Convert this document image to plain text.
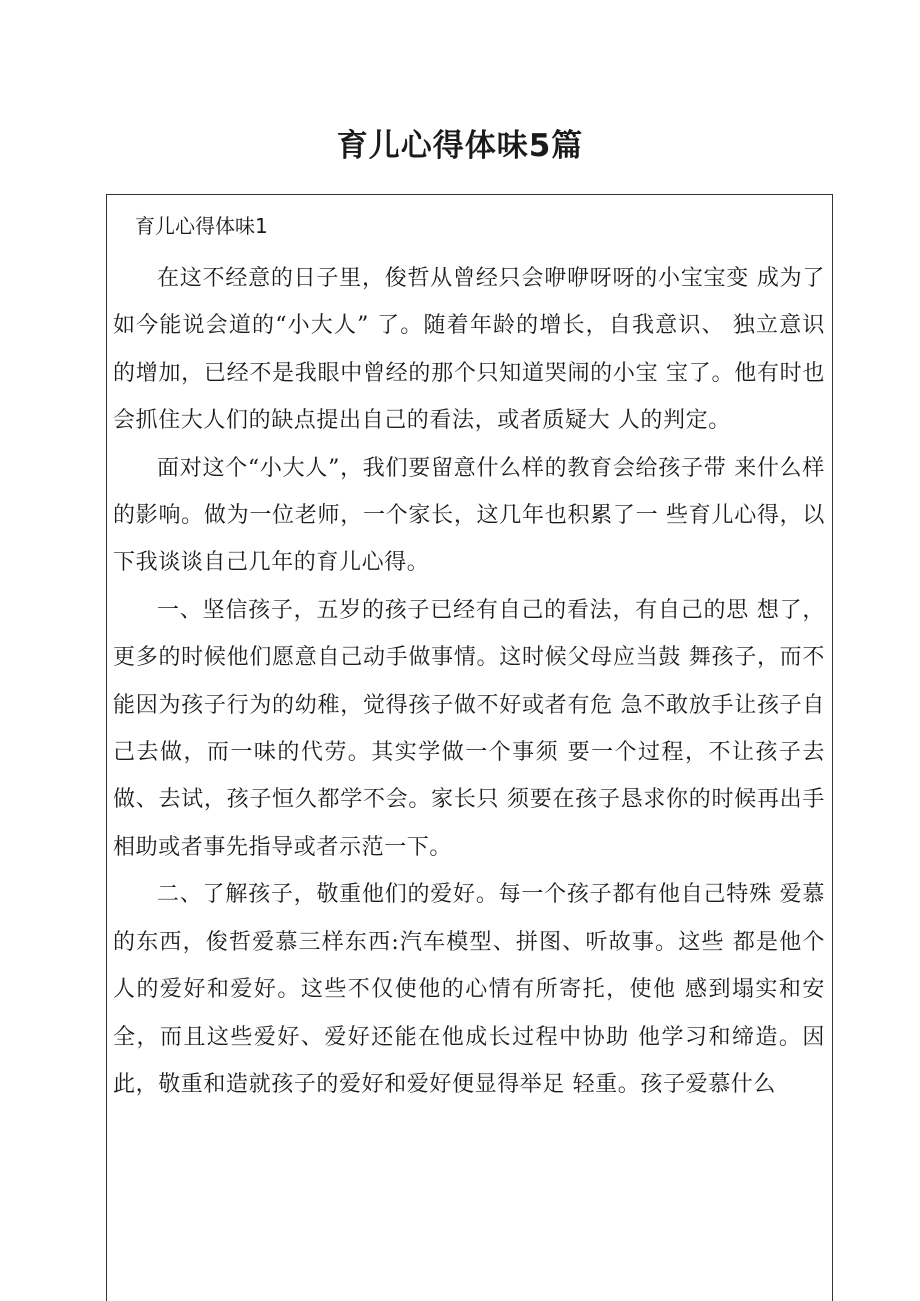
育儿心得体味5篇
育儿心得体味1

在这不经意的日子里，俊哲从曾经只会咿咿呀呀的小宝宝变 成为了如今能说会道的“小大人” 了。随着年龄的增长，自我意识、 独立意识的增加，已经不是我眼中曾经的那个只知道哭闹的小宝 宝了。他有时也会抓住大人们的缺点提出自己的看法，或者质疑大 人的判定。

面对这个“小大人”，我们要留意什么样的教育会给孩子带 来什么样的影响。做为一位老师，一个家长，这几年也积累了一 些育儿心得，以下我谈谈自己几年的育儿心得。

一、坚信孩子，五岁的孩子已经有自己的看法，有自己的思 想了，更多的时候他们愿意自己动手做事情。这时候父母应当鼓 舞孩子，而不能因为孩子行为的幼稚，觉得孩子做不好或者有危 急不敢放手让孩子自己去做，而一味的代劳。其实学做一个事须 要一个过程，不让孩子去做、去试，孩子恒久都学不会。家长只 须要在孩子恳求你的时候再出手相助或者事先指导或者示范一下。

二、了解孩子，敬重他们的爱好。每一个孩子都有他自己特殊 爱慕的东西，俊哲爱慕三样东西:汽车模型、拼图、听故事。这些 都是他个人的爱好和爱好。这些不仅使他的心情有所寄托，使他 感到塌实和安全，而且这些爱好、爱好还能在他成长过程中协助 他学习和缔造。因此，敬重和造就孩子的爱好和爱好便显得举足 轻重。孩子爱慕什么
